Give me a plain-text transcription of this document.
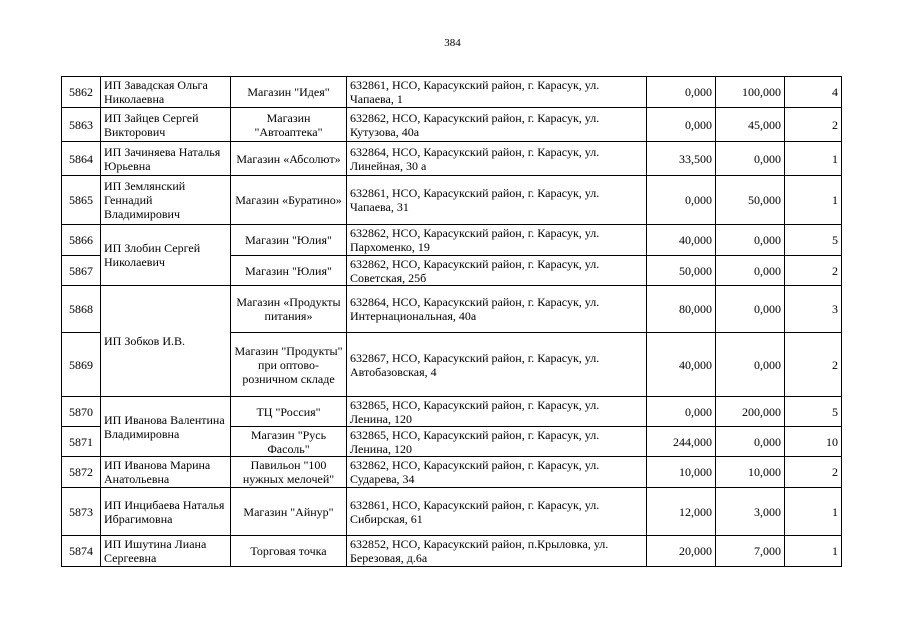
384
5862	ИП Завадская Ольга Николаевна	Магазин "Идея"	632861, НСО, Карасукский район, г. Карасук, ул. Чапаева, 1	0,000	100,000	4
5863	ИП Зайцев Сергей Викторович	Магазин "Автоаптека"	632862, НСО, Карасукский район, г. Карасук, ул. Кутузова, 40а	0,000	45,000	2
5864	ИП Зачиняева Наталья Юрьевна	Магазин «Абсолют»	632864, НСО, Карасукский район, г. Карасук, ул. Линейная, 30 а	33,500	0,000	1
5865	ИП Землянский Геннадий Владимирович	Магазин «Буратино»	632861, НСО, Карасукский район, г. Карасук, ул. Чапаева, 31	0,000	50,000	1
5866	ИП Злобин Сергей Николаевич	Магазин "Юлия"	632862, НСО, Карасукский район, г. Карасук, ул. Пархоменко, 19	40,000	0,000	5
5867		Магазин "Юлия"	632862, НСО, Карасукский район, г. Карасук, ул. Советская, 25б	50,000	0,000	2
5868	ИП Зобков И.В.	Магазин «Продукты питания»	632864, НСО, Карасукский район, г. Карасук, ул. Интернациональная, 40а	80,000	0,000	3
5869		Магазин "Продукты" при оптово-розничном складе	632867, НСО, Карасукский район, г. Карасук, ул. Автобазовская, 4	40,000	0,000	2
5870	ИП Иванова Валентина Владимировна	ТЦ "Россия"	632865, НСО, Карасукский район, г. Карасук, ул. Ленина, 120	0,000	200,000	5
5871		Магазин "Русь Фасоль"	632865, НСО, Карасукский район, г. Карасук, ул. Ленина, 120	244,000	0,000	10
5872	ИП Иванова Марина Анатольевна	Павильон "100 нужных мелочей"	632862, НСО, Карасукский район, г. Карасук, ул. Сударева, 34	10,000	10,000	2
5873	ИП Инцибаева Наталья Ибрагимовна	Магазин "Айнур"	632861, НСО, Карасукский район, г. Карасук, ул. Сибирская, 61	12,000	3,000	1
5874	ИП Ишутина Лиана Сергеевна	Торговая точка	632852, НСО, Карасукский район, п.Крыловка, ул. Березовая, д.6а	20,000	7,000	1
